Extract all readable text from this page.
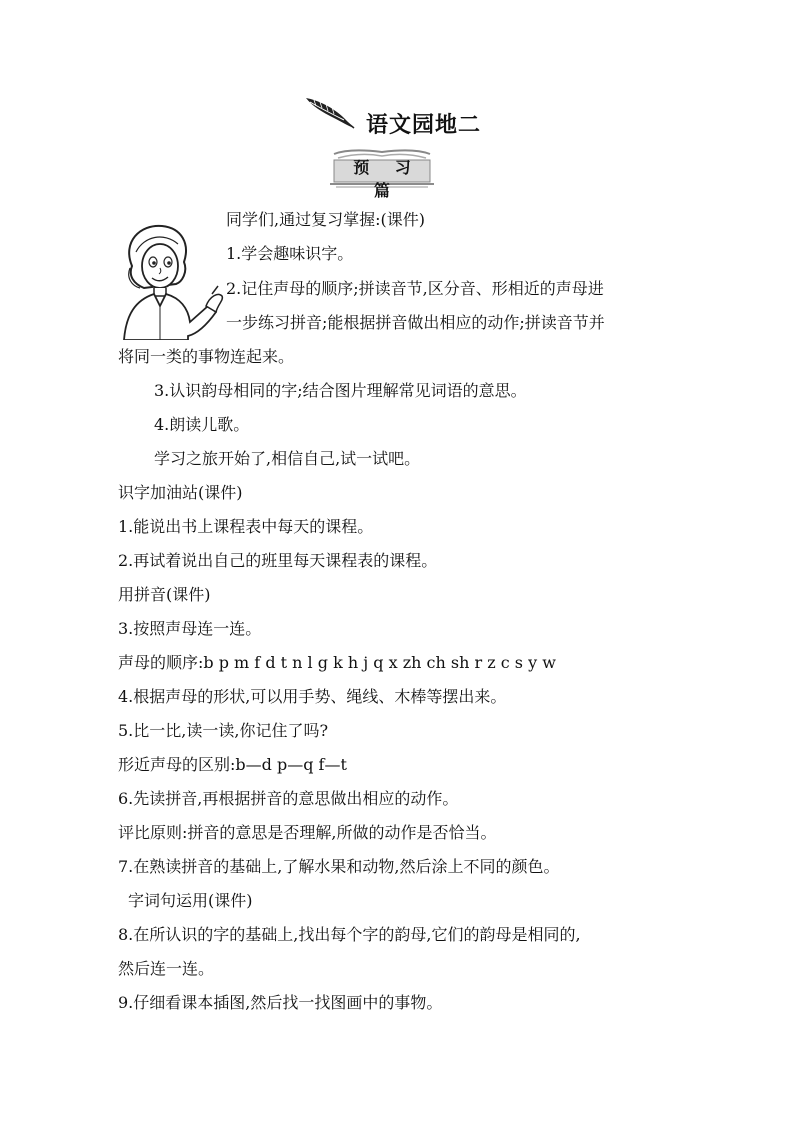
语文园地二
预 习 篇
同学们,通过复习掌握:(课件)
1.学会趣味识字。
2.记住声母的顺序;拼读音节,区分音、形相近的声母进
一步练习拼音;能根据拼音做出相应的动作;拼读音节并
将同一类的事物连起来。
3.认识韵母相同的字;结合图片理解常见词语的意思。
4.朗读儿歌。
学习之旅开始了,相信自己,试一试吧。
识字加油站(课件)
1.能说出书上课程表中每天的课程。
2.再试着说出自己的班里每天课程表的课程。
用拼音(课件)
3.按照声母连一连。
声母的顺序:b p m f d t n l g k h j q x zh ch sh r z c s y w
4.根据声母的形状,可以用手势、绳线、木棒等摆出来。
5.比一比,读一读,你记住了吗?
形近声母的区别:b—d p—q f—t
6.先读拼音,再根据拼音的意思做出相应的动作。
评比原则:拼音的意思是否理解,所做的动作是否恰当。
7.在熟读拼音的基础上,了解水果和动物,然后涂上不同的颜色。
字词句运用(课件)
8.在所认识的字的基础上,找出每个字的韵母,它们的韵母是相同的,
然后连一连。
9.仔细看课本插图,然后找一找图画中的事物。
